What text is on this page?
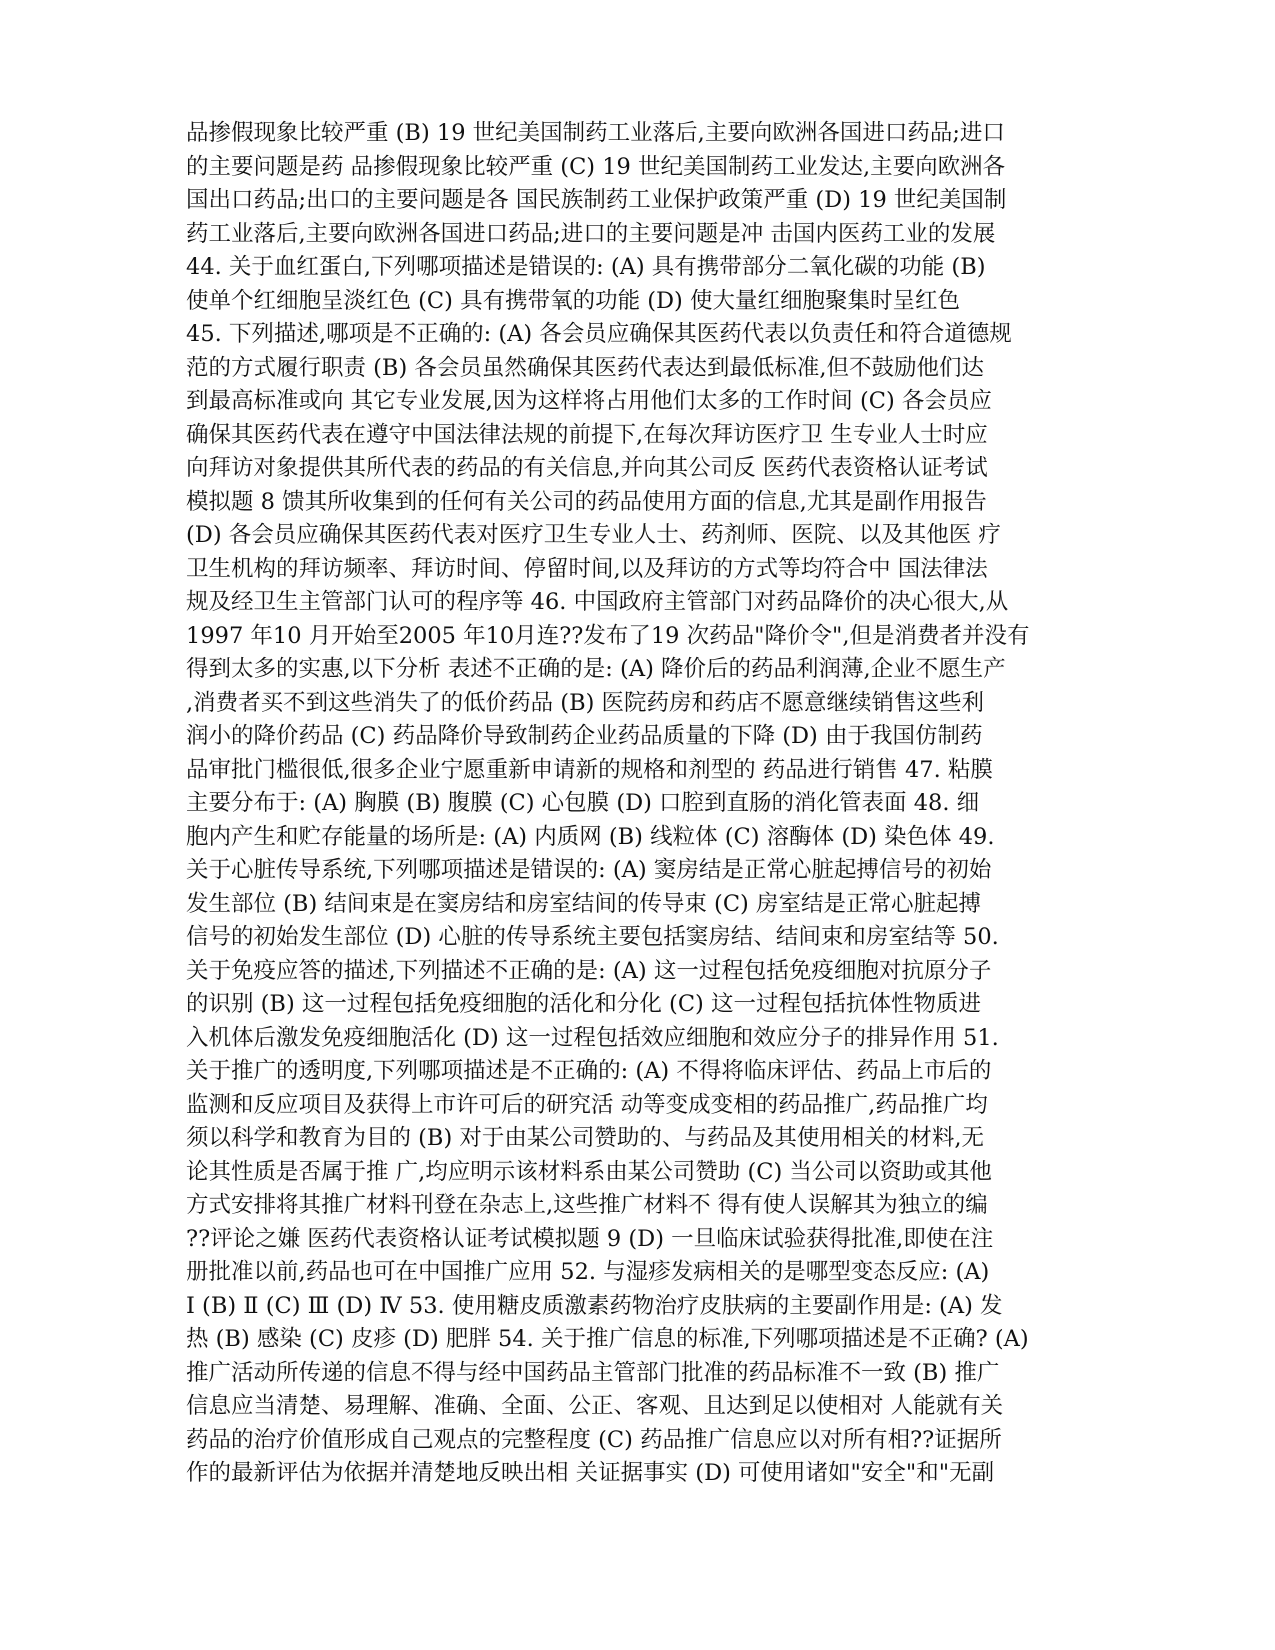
品掺假现象比较严重 (B) 19 世纪美国制药工业落后,主要向欧洲各国进口药品;进口
的主要问题是药 品掺假现象比较严重 (C) 19 世纪美国制药工业发达,主要向欧洲各
国出口药品;出口的主要问题是各 国民族制药工业保护政策严重 (D) 19 世纪美国制
药工业落后,主要向欧洲各国进口药品;进口的主要问题是冲 击国内医药工业的发展
44. 关于血红蛋白,下列哪项描述是错误的: (A) 具有携带部分二氧化碳的功能 (B)
使单个红细胞呈淡红色 (C) 具有携带氧的功能 (D) 使大量红细胞聚集时呈红色
45. 下列描述,哪项是不正确的: (A) 各会员应确保其医药代表以负责任和符合道德规
范的方式履行职责 (B) 各会员虽然确保其医药代表达到最低标准,但不鼓励他们达
到最高标准或向 其它专业发展,因为这样将占用他们太多的工作时间 (C) 各会员应
确保其医药代表在遵守中国法律法规的前提下,在每次拜访医疗卫 生专业人士时应
向拜访对象提供其所代表的药品的有关信息,并向其公司反 医药代表资格认证考试
模拟题 8 馈其所收集到的任何有关公司的药品使用方面的信息,尤其是副作用报告
(D) 各会员应确保其医药代表对医疗卫生专业人士、药剂师、医院、以及其他医 疗
卫生机构的拜访频率、拜访时间、停留时间,以及拜访的方式等均符合中 国法律法
规及经卫生主管部门认可的程序等 46. 中国政府主管部门对药品降价的决心很大,从
1997 年10 月开始至2005 年10月连??发布了19 次药品"降价令",但是消费者并没有
得到太多的实惠,以下分析 表述不正确的是: (A) 降价后的药品利润薄,企业不愿生产
,消费者买不到这些消失了的低价药品 (B) 医院药房和药店不愿意继续销售这些利
润小的降价药品 (C) 药品降价导致制药企业药品质量的下降 (D) 由于我国仿制药
品审批门槛很低,很多企业宁愿重新申请新的规格和剂型的 药品进行销售 47. 粘膜
主要分布于: (A) 胸膜 (B) 腹膜 (C) 心包膜 (D) 口腔到直肠的消化管表面 48. 细
胞内产生和贮存能量的场所是: (A) 内质网 (B) 线粒体 (C) 溶酶体 (D) 染色体 49.
关于心脏传导系统,下列哪项描述是错误的: (A) 窦房结是正常心脏起搏信号的初始
发生部位 (B) 结间束是在窦房结和房室结间的传导束 (C) 房室结是正常心脏起搏
信号的初始发生部位 (D) 心脏的传导系统主要包括窦房结、结间束和房室结等 50.
关于免疫应答的描述,下列描述不正确的是: (A) 这一过程包括免疫细胞对抗原分子
的识别 (B) 这一过程包括免疫细胞的活化和分化 (C) 这一过程包括抗体性物质进
入机体后激发免疫细胞活化 (D) 这一过程包括效应细胞和效应分子的排异作用 51.
关于推广的透明度,下列哪项描述是不正确的: (A) 不得将临床评估、药品上市后的
监测和反应项目及获得上市许可后的研究活 动等变成变相的药品推广,药品推广均
须以科学和教育为目的 (B) 对于由某公司赞助的、与药品及其使用相关的材料,无
论其性质是否属于推 广,均应明示该材料系由某公司赞助 (C) 当公司以资助或其他
方式安排将其推广材料刊登在杂志上,这些推广材料不 得有使人误解其为独立的编
??评论之嫌 医药代表资格认证考试模拟题 9 (D) 一旦临床试验获得批准,即使在注
册批准以前,药品也可在中国推广应用 52. 与湿疹发病相关的是哪型变态反应: (A)
Ⅰ (B) Ⅱ (C) Ⅲ (D) Ⅳ 53. 使用糖皮质激素药物治疗皮肤病的主要副作用是: (A) 发
热 (B) 感染 (C) 皮疹 (D) 肥胖 54. 关于推广信息的标准,下列哪项描述是不正确? (A)
推广活动所传递的信息不得与经中国药品主管部门批准的药品标准不一致 (B) 推广
信息应当清楚、易理解、准确、全面、公正、客观、且达到足以使相对 人能就有关
药品的治疗价值形成自己观点的完整程度 (C) 药品推广信息应以对所有相??证据所
作的最新评估为依据并清楚地反映出相 关证据事实 (D) 可使用诸如"安全"和"无副
